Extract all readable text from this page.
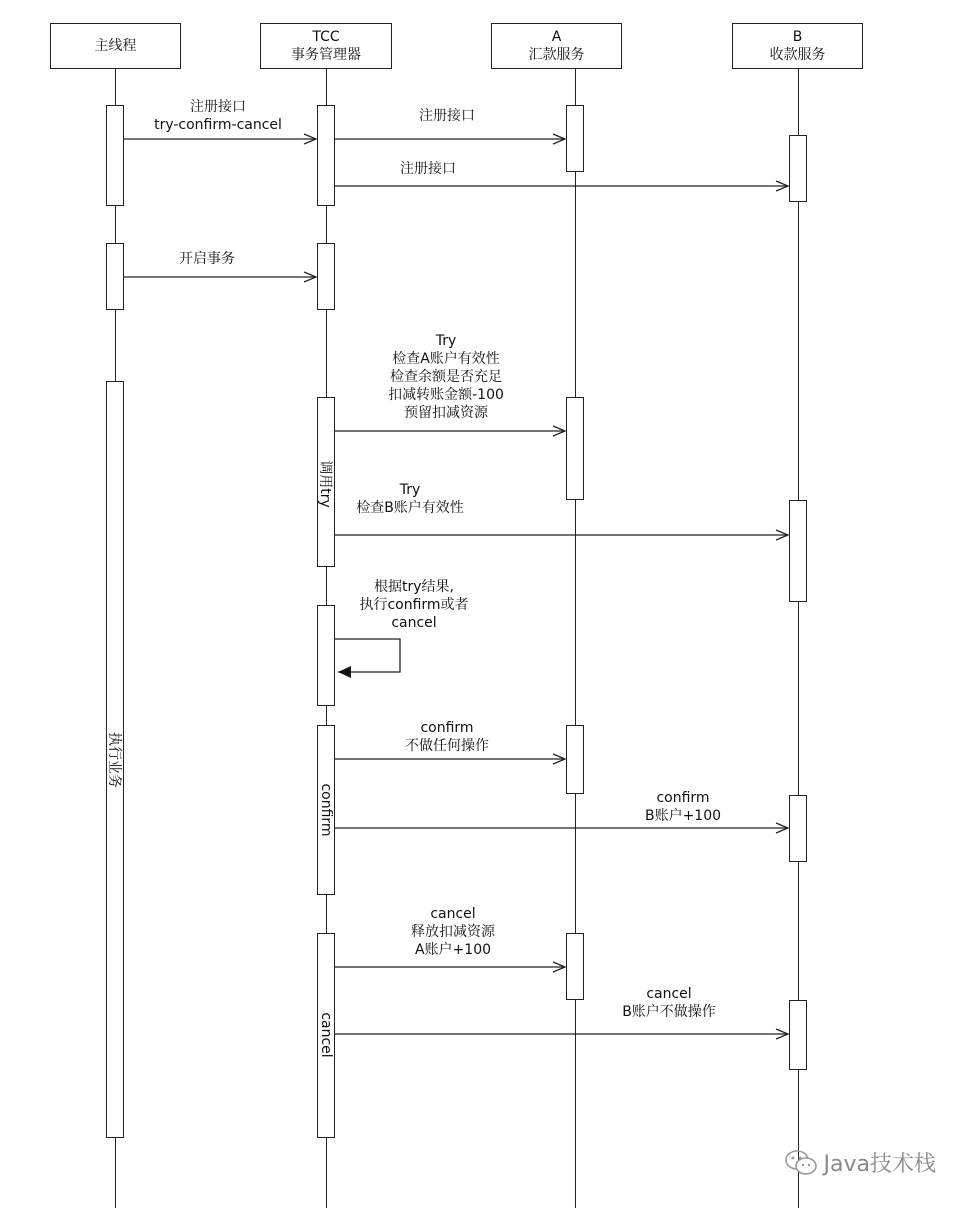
主线程
TCC
事务管理器
A
汇款服务
B
收款服务
执行业务
调用try
confirm
cancel
注册接口
try-confirm-cancel
注册接口
注册接口
开启事务
Try
检查A账户有效性
检查余额是否充足
扣减转账金额-100
预留扣减资源
Try
检查B账户有效性
根据try结果,
执行confirm或者
cancel
confirm
不做任何操作
confirm
B账户+100
cancel
释放扣减资源
A账户+100
cancel
B账户不做操作
Java技术栈
